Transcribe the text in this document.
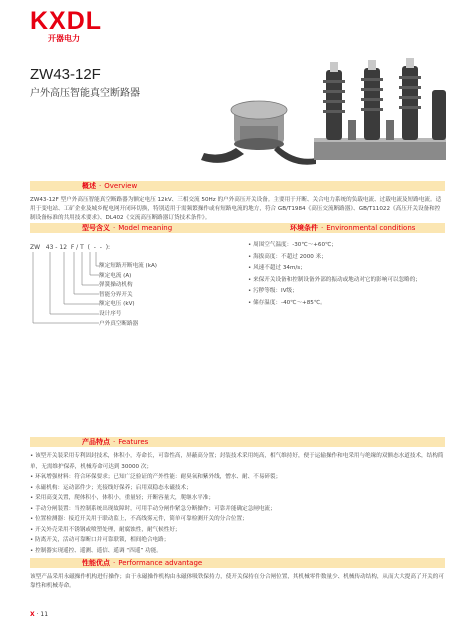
KXDL
开器电力
ZW43-12F
户外高压智能真空断路器
概述 · Overview
ZW43-12F 型户外高压智能真空断路器为额定电压 12kV、三相交流 50Hz 的户外高压开关设备。主要用于开断、关合电力系统的负载电流、过载电流及短路电流。适用于变电站、工矿企业及城乡配电网开闭环切换，特别适用于需频繁操作或有短路电流的地方，符合 GB/T1984《高压交流断路器》、GB/T11022《高压开关设备和控制设备标准的共用技术要求》、DL402《交流高压断路器订货技术条件》。
型号含义 · Model meaning	环境条件 · Environmental conditions
ZW   43 - 12  F / T  (  -  -  ):
额定短路开断电流 (kA)
额定电流 (A)
弹簧操动机构
智能分界开关
额定电压 (kV)
设计序号
户外真空断路器
• 周围空气温度：-30℃～+60℃；
• 海拔高度：不超过 2000 米；
• 风速不超过 34m/s；
• 来保开关设备和控制设备外部的振动或地动对它的影响可以忽略的；
• 污秽等级：IV级；
• 储存温度：-40℃～+85℃。
产品特点 · Features
• 该型开关装采用专利固封技术，体积小，寿命长，可靠性高，屏蔽高分置；封装技术采用纯高，相气维持好，便于运输操作和电采用与绝缘的双额态水道技术，结构简单，无需维护保养，机械寿命可达到 30000 次；
• 环氧增强材料：符合环保要求；已知广泛验证的产外性能：耐臭氧和紫外线，憎水、耐、不易碎裂；
• 永磁机构：运动部件少；光接线好保养；启用双稳态永磁技术；
• 采用高变关置，爬体积小，体积小，重量轻；开断容量大，爬继水平准；
• 手动分闸装置：当控制系统出现故障时，可用手动分闸作紧急分断操作；可靠并能确定急闸电流；
• 位置检测器：接近开关用于联动监上，不高线雾元件，简单可靠检测开关的分合位置；
• 开关外壳采用不锈钢或喷塑处理，耐腐蚀性，耐气候性好；
• 防离开关，活动可靠断口并可靠联锁，相间绝合电路；
• 控制器实现遥控、遥测、遥信、遥调 “四遥” 功能。
性能优点 · Performance advantage
该型产品采用永磁操作机构进行操作；由于永磁操作机构由永磁体吸铁保持力，使开关保持在分合闸位置，其机械零件数量少、机械传动结构，从而大大提高了开关的可靠性和机械寿命。
X · 11
